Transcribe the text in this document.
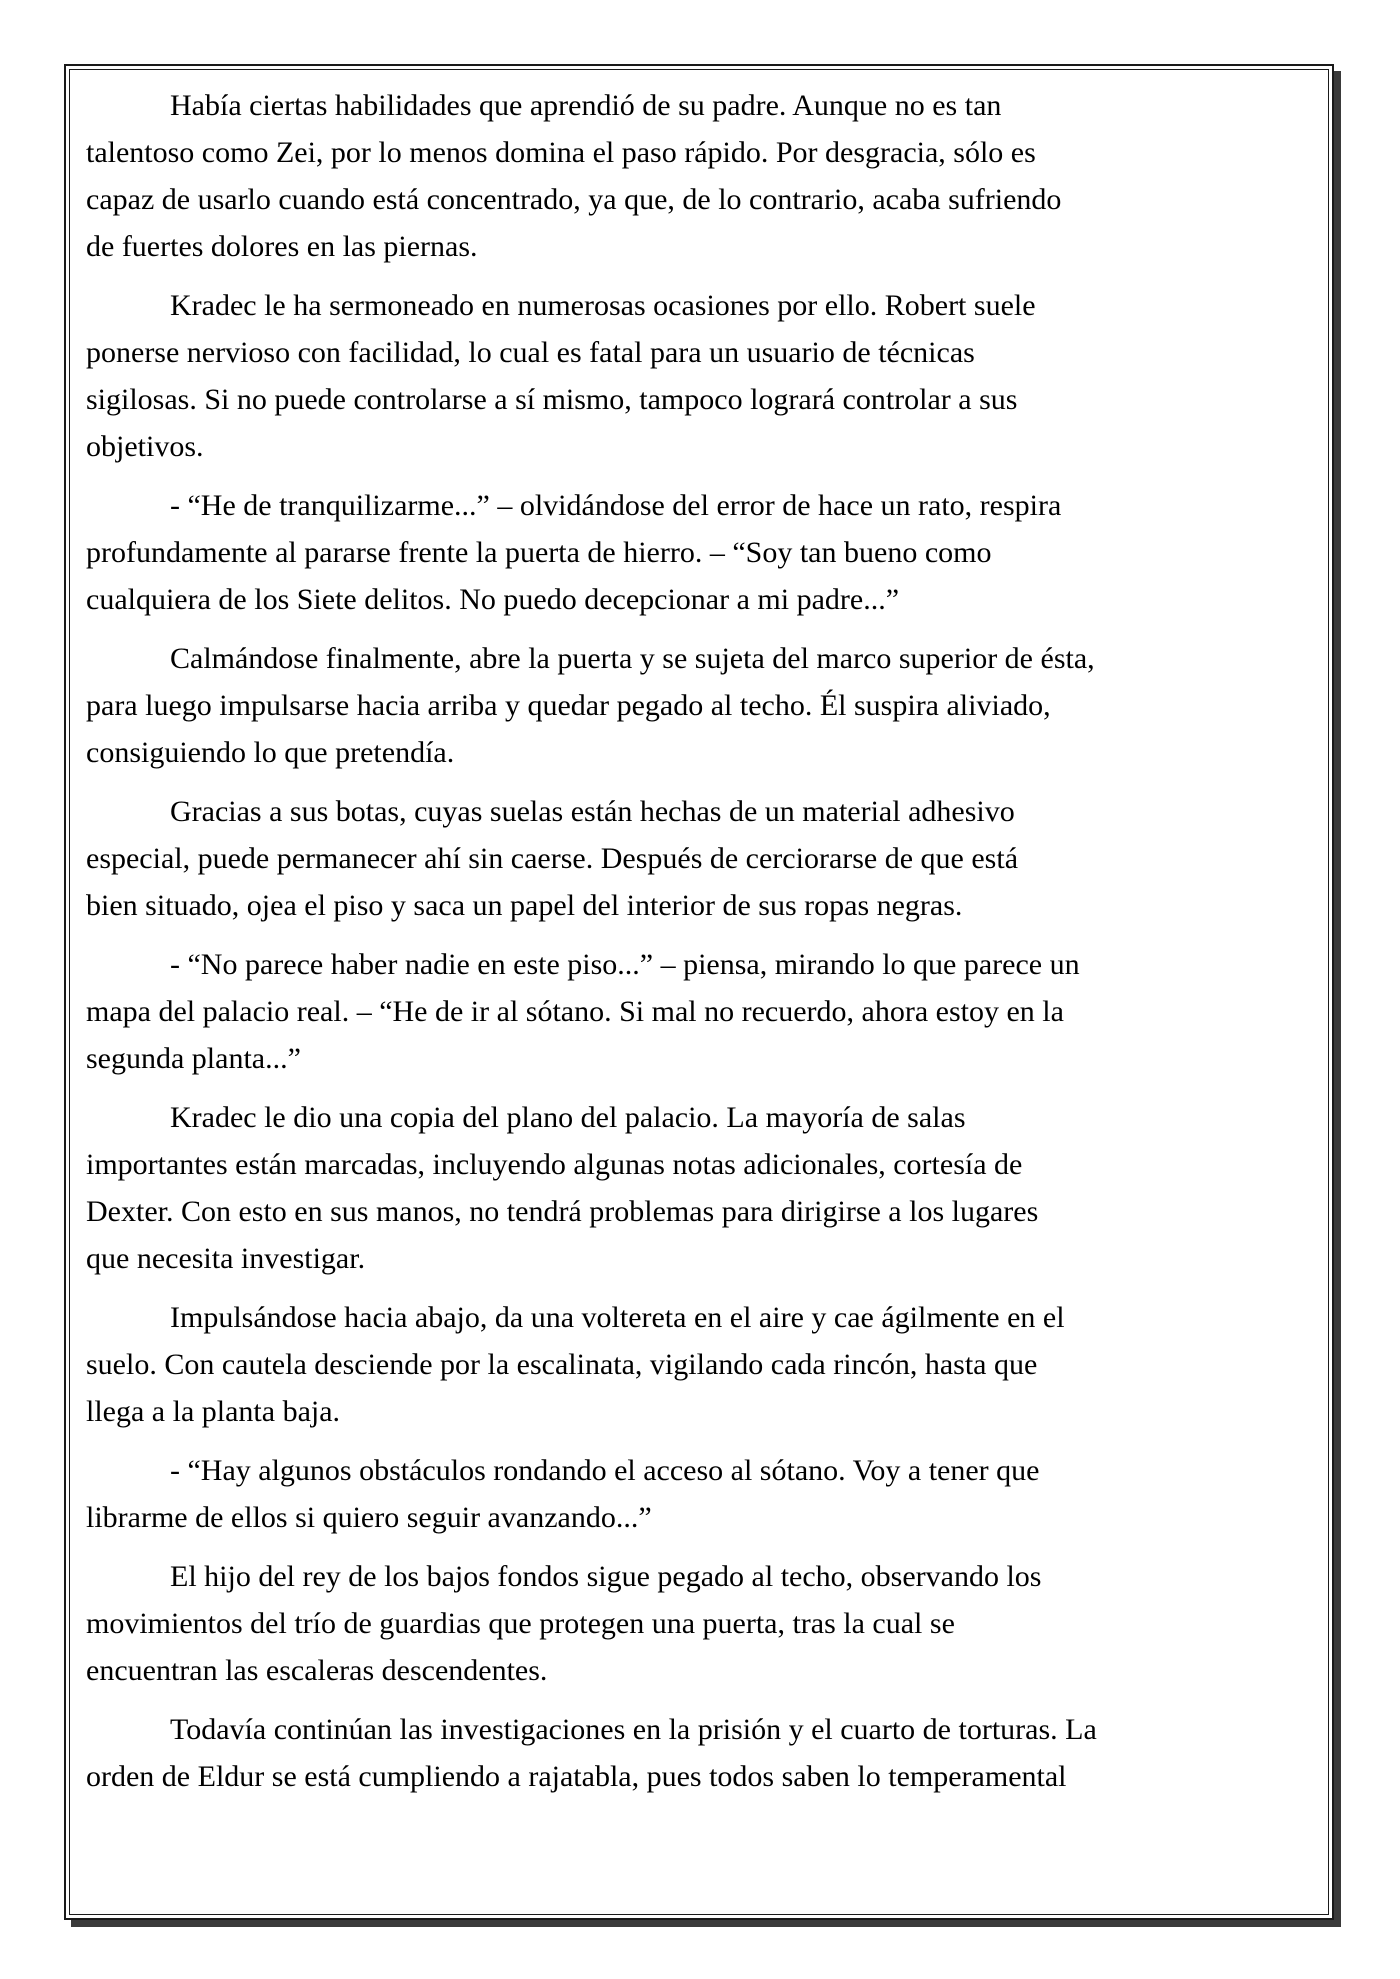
Había ciertas habilidades que aprendió de su padre. Aunque no es tan
talentoso como Zei, por lo menos domina el paso rápido. Por desgracia, sólo es
capaz de usarlo cuando está concentrado, ya que, de lo contrario, acaba sufriendo
de fuertes dolores en las piernas.

Kradec le ha sermoneado en numerosas ocasiones por ello. Robert suele
ponerse nervioso con facilidad, lo cual es fatal para un usuario de técnicas
sigilosas. Si no puede controlarse a sí mismo, tampoco logrará controlar a sus
objetivos.

- “He de tranquilizarme...” – olvidándose del error de hace un rato, respira
profundamente al pararse frente la puerta de hierro. – “Soy tan bueno como
cualquiera de los Siete delitos. No puedo decepcionar a mi padre...”

Calmándose finalmente, abre la puerta y se sujeta del marco superior de ésta,
para luego impulsarse hacia arriba y quedar pegado al techo. Él suspira aliviado,
consiguiendo lo que pretendía.

Gracias a sus botas, cuyas suelas están hechas de un material adhesivo
especial, puede permanecer ahí sin caerse. Después de cerciorarse de que está
bien situado, ojea el piso y saca un papel del interior de sus ropas negras.

- “No parece haber nadie en este piso...” – piensa, mirando lo que parece un
mapa del palacio real. – “He de ir al sótano. Si mal no recuerdo, ahora estoy en la
segunda planta...”

Kradec le dio una copia del plano del palacio. La mayoría de salas
importantes están marcadas, incluyendo algunas notas adicionales, cortesía de
Dexter. Con esto en sus manos, no tendrá problemas para dirigirse a los lugares
que necesita investigar.

Impulsándose hacia abajo, da una voltereta en el aire y cae ágilmente en el
suelo. Con cautela desciende por la escalinata, vigilando cada rincón, hasta que
llega a la planta baja.

- “Hay algunos obstáculos rondando el acceso al sótano. Voy a tener que
librarme de ellos si quiero seguir avanzando...”

El hijo del rey de los bajos fondos sigue pegado al techo, observando los
movimientos del trío de guardias que protegen una puerta, tras la cual se
encuentran las escaleras descendentes.

Todavía continúan las investigaciones en la prisión y el cuarto de torturas. La
orden de Eldur se está cumpliendo a rajatabla, pues todos saben lo temperamental
